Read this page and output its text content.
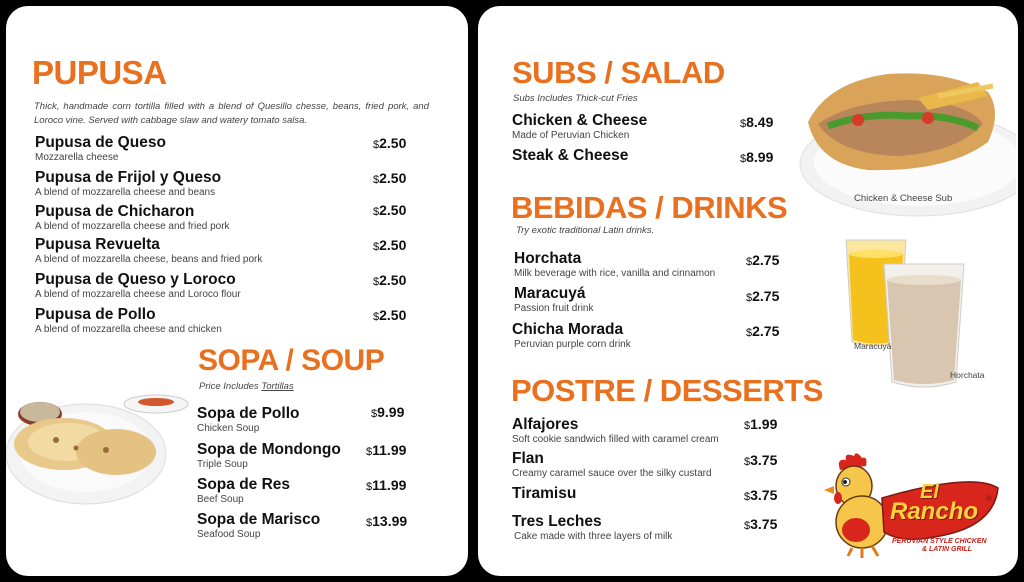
PUPUSA
Thick, handmade corn tortilla filled with a blend of Quesillo chesse, beans, fried pork, and Loroco vine. Served with cabbage slaw and watery tomato salsa.
Pupusa de Queso
Mozzarella cheese
$2.50
Pupusa de Frijol y Queso
A blend of mozzarella cheese and beans
$2.50
Pupusa de Chicharon
A blend of mozzarella cheese and fried pork
$2.50
Pupusa Revuelta
A blend of mozzarella cheese, beans and fried pork
$2.50
Pupusa de Queso y Loroco
A blend of mozzarella cheese and Loroco flour
$2.50
Pupusa de Pollo
A blend of mozzarella cheese and chicken
$2.50
SOPA / SOUP
Price Includes Tortillas
Sopa de Pollo
Chicken Soup
$9.99
Sopa de Mondongo
Triple Soup
$11.99
Sopa de Res
Beef Soup
$11.99
Sopa de Marisco
Seafood Soup
$13.99
SUBS / SALAD
Subs Includes Thick-cut Fries
Chicken & Cheese
Made of Peruvian Chicken
$8.49
Steak & Cheese	$8.99
Chicken & Cheese Sub
BEBIDAS / DRINKS
Try exotic traditional Latin drinks.
Horchata
Milk beverage with rice, vanilla and cinnamon
$2.75
Maracuyá
Passion fruit drink
$2.75
Chicha Morada
Peruvian purple corn drink
$2.75
Maracuyá
Horchata
POSTRE / DESSERTS
Alfajores
Soft cookie sandwich filled with caramel cream
$1.99
Flan
Creamy caramel sauce over the silky custard
$3.75
Tiramisu	$3.75
Tres Leches
Cake made with three layers of milk
$3.75
El
Rancho ®
PERUVIAN STYLE CHICKEN
& LATIN GRILL
